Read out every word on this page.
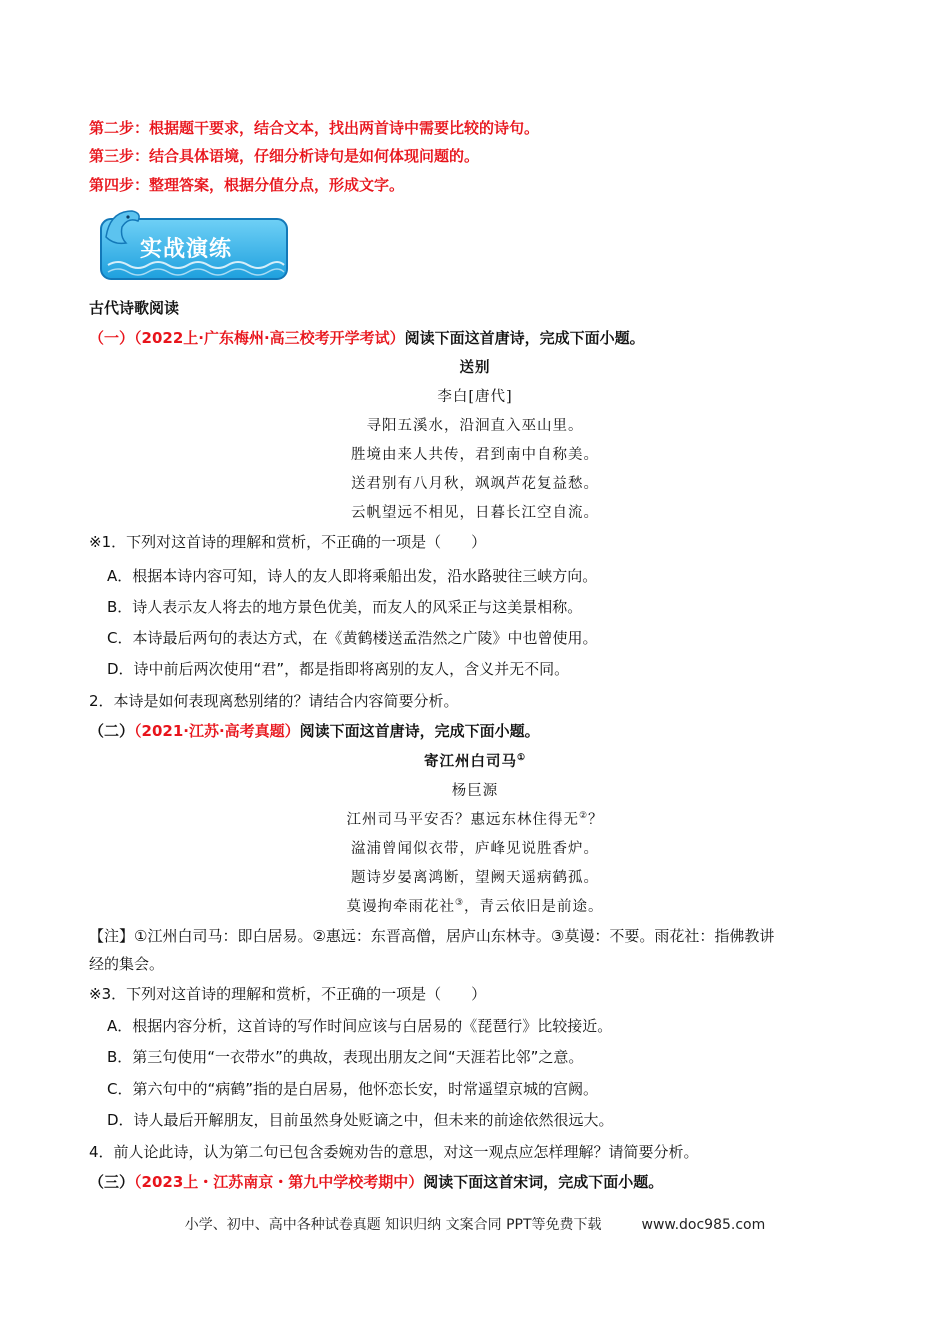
第二步：根据题干要求，结合文本，找出两首诗中需要比较的诗句。
第三步：结合具体语境，仔细分析诗句是如何体现问题的。
第四步：整理答案，根据分值分点，形成文字。
实战演练
古代诗歌阅读
（一）（2022上·广东梅州·高三校考开学考试）阅读下面这首唐诗，完成下面小题。
送别
李白[唐代]
寻阳五溪水，沿洄直入巫山里。
胜境由来人共传，君到南中自称美。
送君别有八月秋，飒飒芦花复益愁。
云帆望远不相见，日暮长江空自流。
※1．下列对这首诗的理解和赏析，不正确的一项是（　　）
A．根据本诗内容可知，诗人的友人即将乘船出发，沿水路驶往三峡方向。
B．诗人表示友人将去的地方景色优美，而友人的风采正与这美景相称。
C．本诗最后两句的表达方式，在《黄鹤楼送孟浩然之广陵》中也曾使用。
D．诗中前后两次使用“君”，都是指即将离别的友人，含义并无不同。
2．本诗是如何表现离愁别绪的？请结合内容简要分析。
（二）（2021·江苏·高考真题）阅读下面这首唐诗，完成下面小题。
寄江州白司马①
杨巨源
江州司马平安否？惠远东林住得无②？
湓浦曾闻似衣带，庐峰见说胜香炉。
题诗岁晏离鸿断，望阙天遥病鹤孤。
莫谩拘牵雨花社③，青云依旧是前途。
【注】①江州白司马：即白居易。②惠远：东晋高僧，居庐山东林寺。③莫谩：不要。雨花社：指佛教讲
经的集会。
※3．下列对这首诗的理解和赏析，不正确的一项是（　　）
A．根据内容分析，这首诗的写作时间应该与白居易的《琵琶行》比较接近。
B．第三句使用“一衣带水”的典故，表现出朋友之间“天涯若比邻”之意。
C．第六句中的“病鹤”指的是白居易，他怀恋长安，时常遥望京城的宫阙。
D．诗人最后开解朋友，目前虽然身处贬谪之中，但未来的前途依然很远大。
4．前人论此诗，认为第二句已包含委婉劝告的意思，对这一观点应怎样理解？请简要分析。
（三）（2023上・江苏南京・第九中学校考期中）阅读下面这首宋词，完成下面小题。
小学、初中、高中各种试卷真题 知识归纳 文案合同 PPT等免费下载	www.doc985.com
